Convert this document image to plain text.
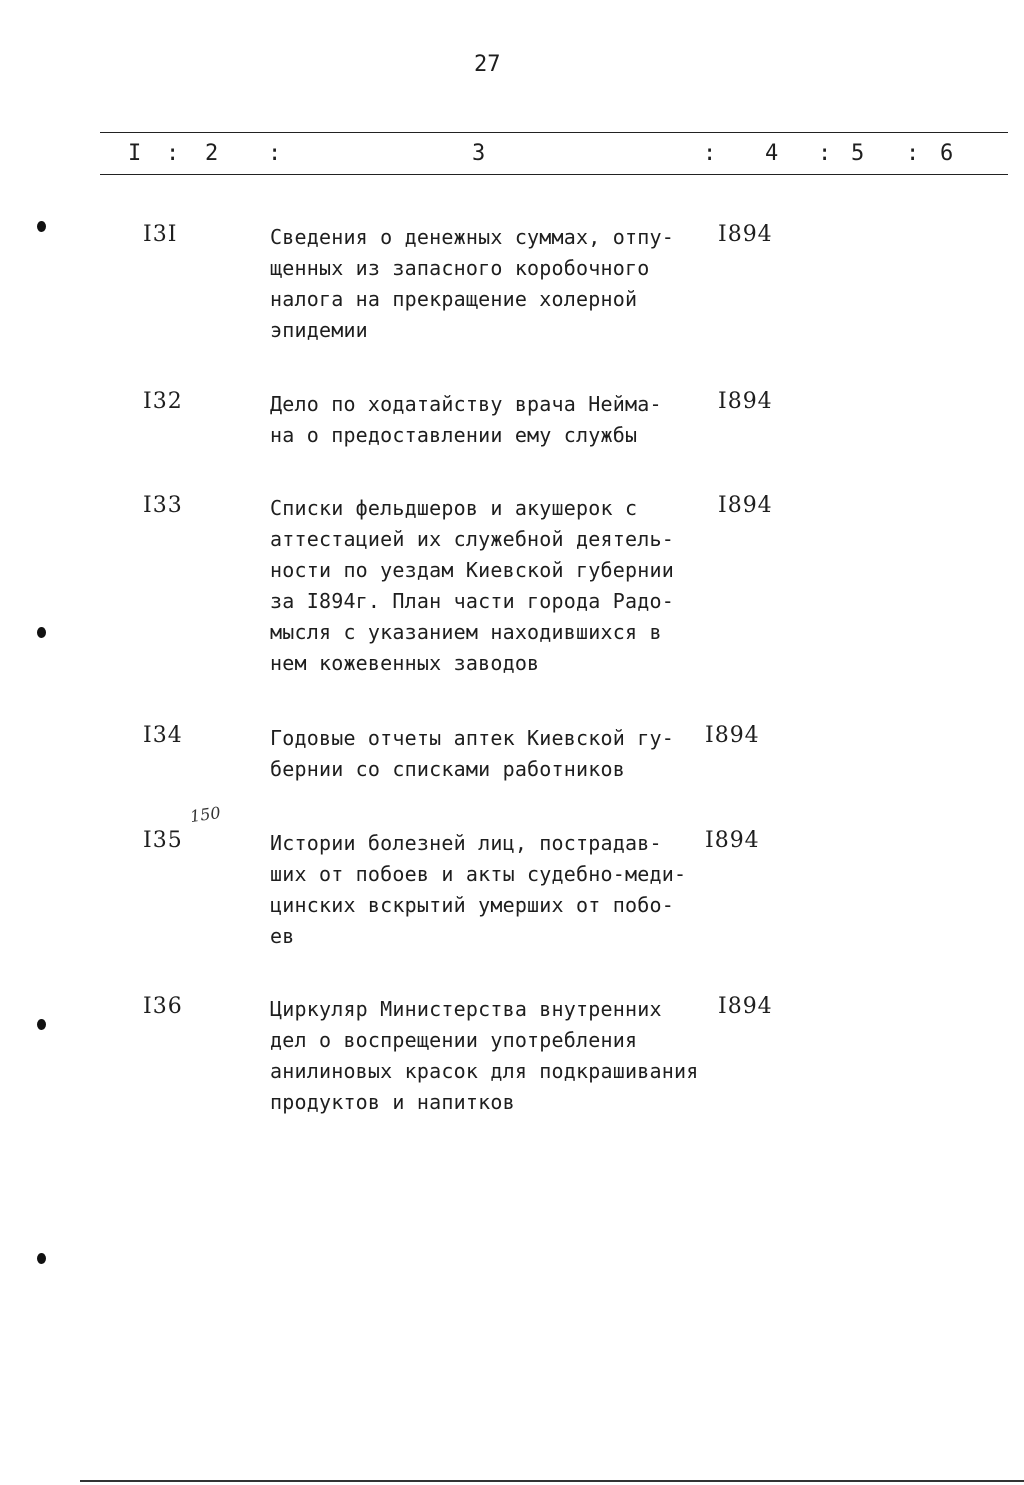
27
I : 2 :	3	: 4 : 5 : 6
I3I	Сведения о денежных суммах, отпу-
щенных из запасного коробочного
налога на прекращение холерной
эпидемии
I894
I32	Дело по ходатайству врача Нейма-
на о предоставлении ему службы
I894
I33	Списки фельдшеров и акушерок с
аттестацией их служебной деятель-
ности по уездам Киевской губернии
за I894г. План части города Радо-
мысля с указанием находившихся в
нем кожевенных заводов
I894
I34	Годовые отчеты аптек Киевской гу-
бернии со списками работников
I894
150
I35	Истории болезней лиц, пострадав-
ших от побоев и акты судебно-меди-
цинских вскрытий умерших от побо-
ев
I894
I36	Циркуляр Министерства внутренних
дел о воспрещении употребления
анилиновых красок для подкрашивания
продуктов и напитков
I894
